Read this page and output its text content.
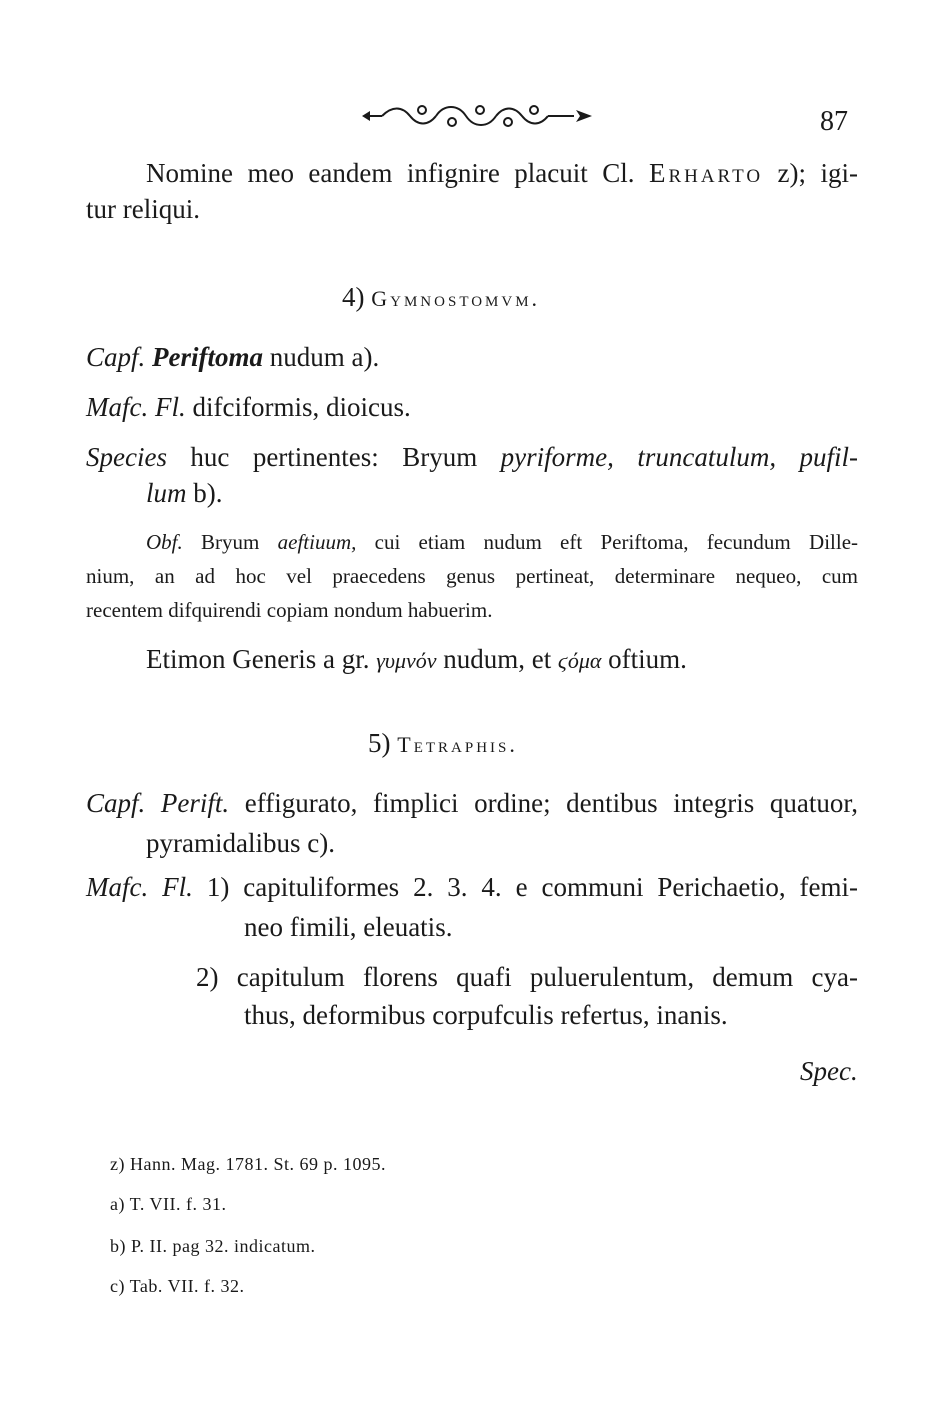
87
Nomine meo eandem infignire placuit Cl. Erharto z); igi-
tur reliqui.
4) Gymnostomvm.
Capf. Periftoma nudum a).
Mafc. Fl. difciformis, dioicus.
Species huc pertinentes: Bryum pyriforme, truncatulum, pufil-
lum b).
Obf. Bryum aeftiuum, cui etiam nudum eft Periftoma, fecundum Dille-
nium, an ad hoc vel praecedens genus pertineat, determinare nequeo, cum
recentem difquirendi copiam nondum habuerim.
Etimon Generis a gr. γυμνόν nudum, et ϛόμα oftium.
5) Tetraphis.
Capf. Perift. effigurato, fimplici ordine; dentibus integris quatuor,
pyramidalibus c).
Mafc. Fl. 1) capituliformes 2. 3. 4. e communi Perichaetio, femi-
neo fimili, eleuatis.
2) capitulum florens quafi puluerulentum, demum cya-
thus, deformibus corpufculis refertus, inanis.
Spec.
z) Hann. Mag. 1781. St. 69 p. 1095.
a) T. VII. f. 31.
b) P. II. pag 32. indicatum.
c) Tab. VII. f. 32.
